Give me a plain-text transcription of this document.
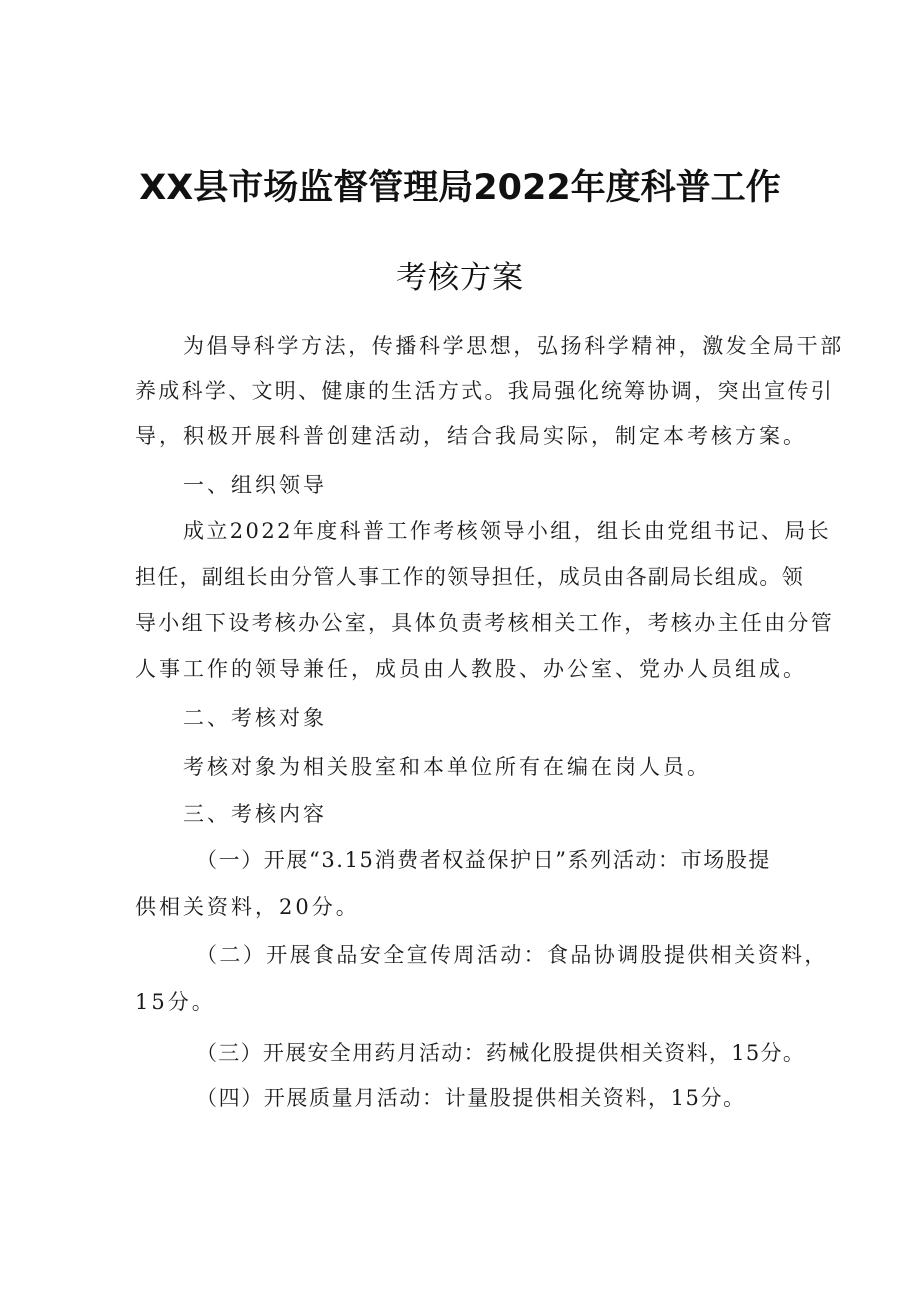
XX县市场监督管理局2022年度科普工作
考核方案
为倡导科学方法，传播科学思想，弘扬科学精神，激发全局干部
养成科学、文明、健康的生活方式。我局强化统筹协调，突出宣传引
导，积极开展科普创建活动，结合我局实际，制定本考核方案。
一、组织领导
成立2022年度科普工作考核领导小组，组长由党组书记、局长
担任，副组长由分管人事工作的领导担任，成员由各副局长组成。领
导小组下设考核办公室，具体负责考核相关工作，考核办主任由分管
人事工作的领导兼任，成员由人教股、办公室、党办人员组成。
二、考核对象
考核对象为相关股室和本单位所有在编在岗人员。
三、考核内容
（一）开展“3.15消费者权益保护日”系列活动：市场股提
供相关资料，20分。
（二）开展食品安全宣传周活动：食品协调股提供相关资料，
15分。
（三）开展安全用药月活动：药械化股提供相关资料，15分。
（四）开展质量月活动：计量股提供相关资料，15分。
